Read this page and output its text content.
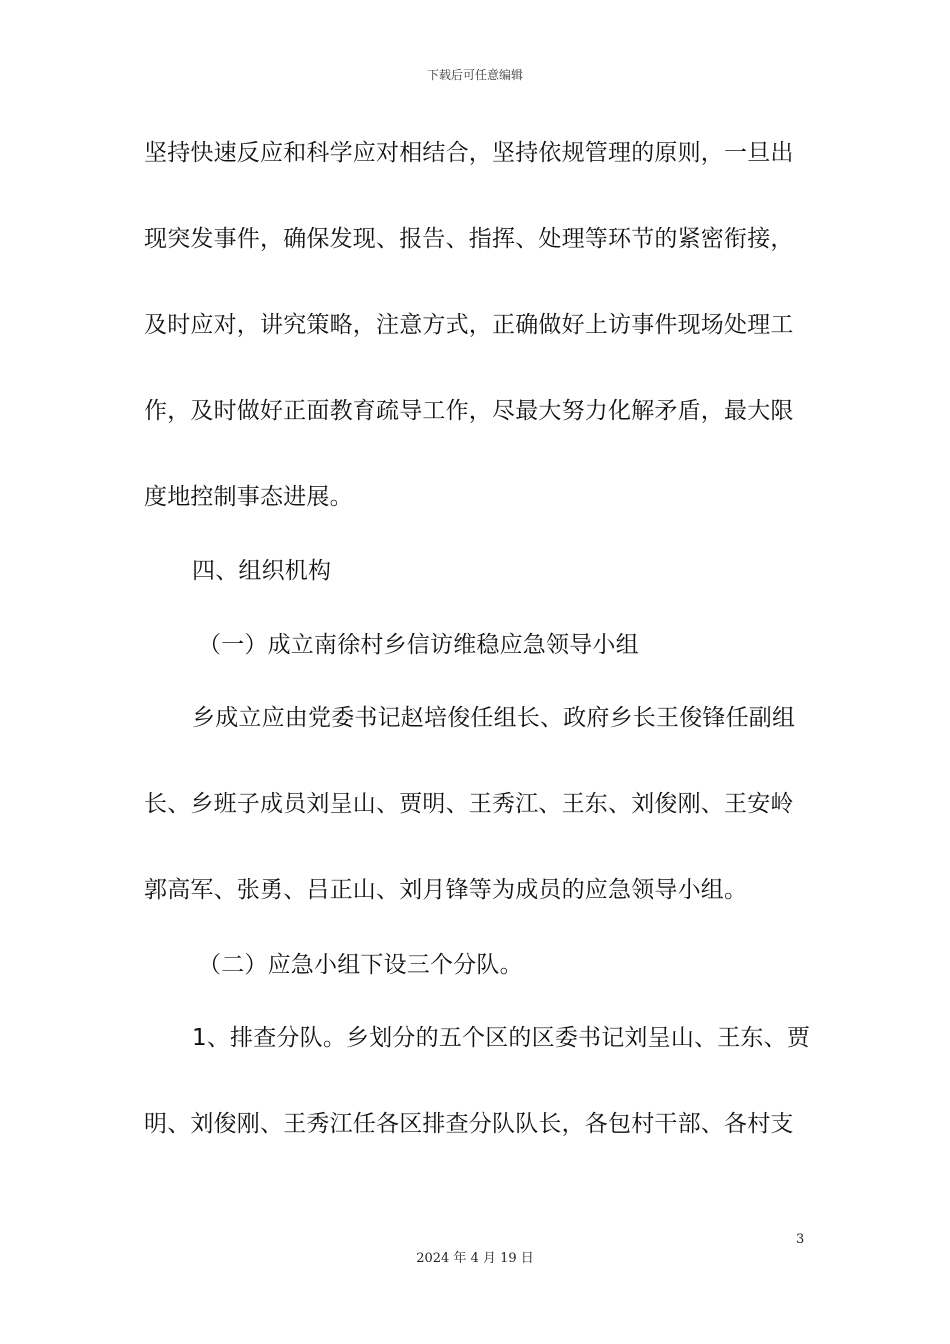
下载后可任意编辑
坚持快速反应和科学应对相结合，坚持依规管理的原则，一旦出
现突发事件，确保发现、报告、指挥、处理等环节的紧密衔接，
及时应对，讲究策略，注意方式，正确做好上访事件现场处理工
作，及时做好正面教育疏导工作，尽最大努力化解矛盾，最大限
度地控制事态进展。
四、组织机构
（一）成立南徐村乡信访维稳应急领导小组
乡成立应由党委书记赵培俊任组长、政府乡长王俊锋任副组
长、乡班子成员刘呈山、贾明、王秀江、王东、刘俊刚、王安岭
郭高军、张勇、吕正山、刘月锋等为成员的应急领导小组。
（二）应急小组下设三个分队。
1、排查分队。乡划分的五个区的区委书记刘呈山、王东、贾
明、刘俊刚、王秀江任各区排查分队队长，各包村干部、各村支
3
2024 年 4 月 19 日
